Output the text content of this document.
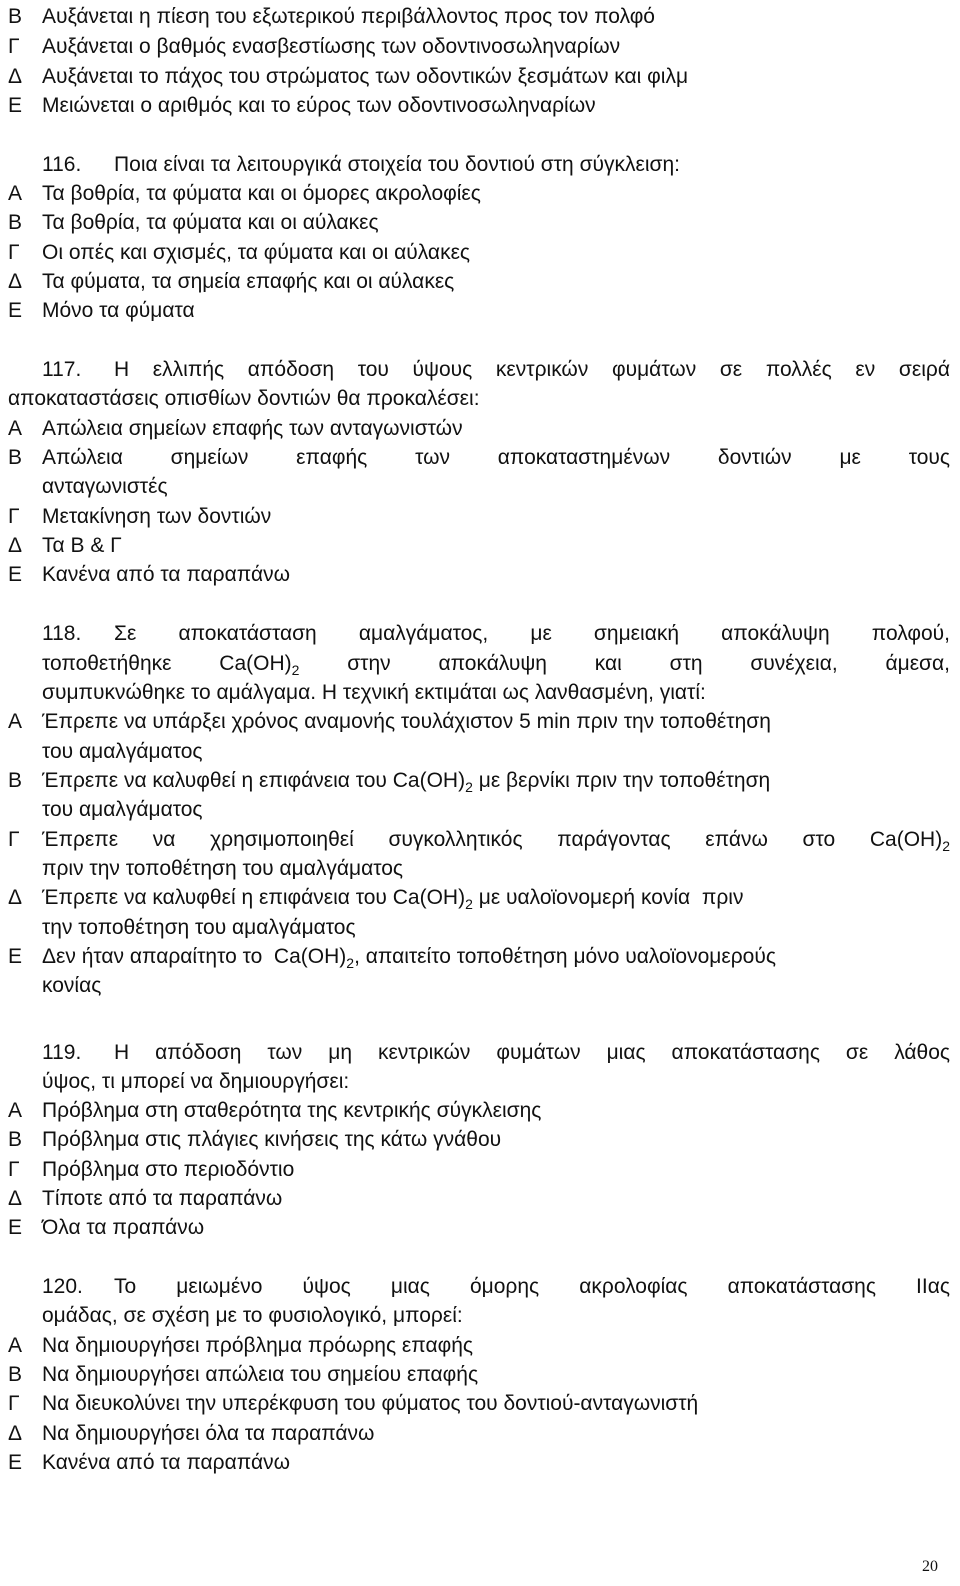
Β Αυξάνεται η πίεση του εξωτερικού περιβάλλοντος προς τον πολφό
Γ Αυξάνεται ο βαθμός ενασβεστίωσης των οδοντινοσωληναρίων
Δ Αυξάνεται το πάχος του στρώματος των οδοντικών ξεσμάτων και φιλμ
Ε Μειώνεται ο αριθμός και το εύρος των οδοντινοσωληναρίων
116. Ποια είναι τα λειτουργικά στοιχεία του δοντιού στη σύγκλειση:
Α Τα βοθρία, τα φύματα και οι όμορες ακρολοφίες
Β Τα βοθρία, τα φύματα και οι αύλακες
Γ Οι οπές και σχισμές, τα φύματα και οι αύλακες
Δ Τα φύματα, τα σημεία επαφής και οι αύλακες
Ε Μόνο τα φύματα
117. Η ελλιπής απόδοση του ύψους κεντρικών φυμάτων σε πολλές εν σειρά
αποκαταστάσεις οπισθίων δοντιών θα προκαλέσει:
Α Απώλεια σημείων επαφής των ανταγωνιστών
Β Απώλεια σημείων επαφής των αποκαταστημένων δοντιών με τους
ανταγωνιστές
Γ Μετακίνηση των δοντιών
Δ Τα Β & Γ
Ε Κανένα από τα παραπάνω
118. Σε αποκατάσταση αμαλγάματος, με σημειακή αποκάλυψη πολφού,
τοποθετήθηκε $Ca(OH)_2$ στην αποκάλυψη και στη συνέχεια, άμεσα,
συμπυκνώθηκε το αμάλγαμα. Η τεχνική εκτιμάται ως λανθασμένη, γιατί:
Α Έπρεπε να υπάρξει χρόνος αναμονής τουλάχιστον 5 min πριν την τοποθέτηση
του αμαλγάματος
Β Έπρεπε να καλυφθεί η επιφάνεια του $Ca(OH)_2$ με βερνίκι πριν την τοποθέτηση
του αμαλγάματος
Γ Έπρεπε να χρησιμοποιηθεί συγκολλητικός παράγοντας επάνω στο $Ca(OH)_2$
πριν την τοποθέτηση του αμαλγάματος
Δ Έπρεπε να καλυφθεί η επιφάνεια του $Ca(OH)_2$ με υαλοϊονομερή κονία  πριν
την τοποθέτηση του αμαλγάματος
Ε Δεν ήταν απαραίτητο το  $Ca(OH)_2$, απαιτείτο τοποθέτηση μόνο υαλοϊονομερούς
κονίας
119. Η απόδοση των μη κεντρικών φυμάτων μιας αποκατάστασης σε λάθος
ύψος, τι μπορεί να δημιουργήσει:
Α Πρόβλημα στη σταθερότητα της κεντρικής σύγκλεισης
Β Πρόβλημα στις πλάγιες κινήσεις της κάτω γνάθου
Γ Πρόβλημα στο περιοδόντιο
Δ Τίποτε από τα παραπάνω
Ε Όλα τα πραπάνω
120. Το μειωμένο ύψος μιας όμορης ακρολοφίας αποκατάστασης ΙΙας
ομάδας, σε σχέση με το φυσιολογικό, μπορεί:
Α Να δημιουργήσει πρόβλημα πρόωρης επαφής
Β Να δημιουργήσει απώλεια του σημείου επαφής
Γ Να διευκολύνει την υπερέκφυση του φύματος του δοντιού-ανταγωνιστή
Δ Να δημιουργήσει όλα τα παραπάνω
Ε Κανένα από τα παραπάνω
20
